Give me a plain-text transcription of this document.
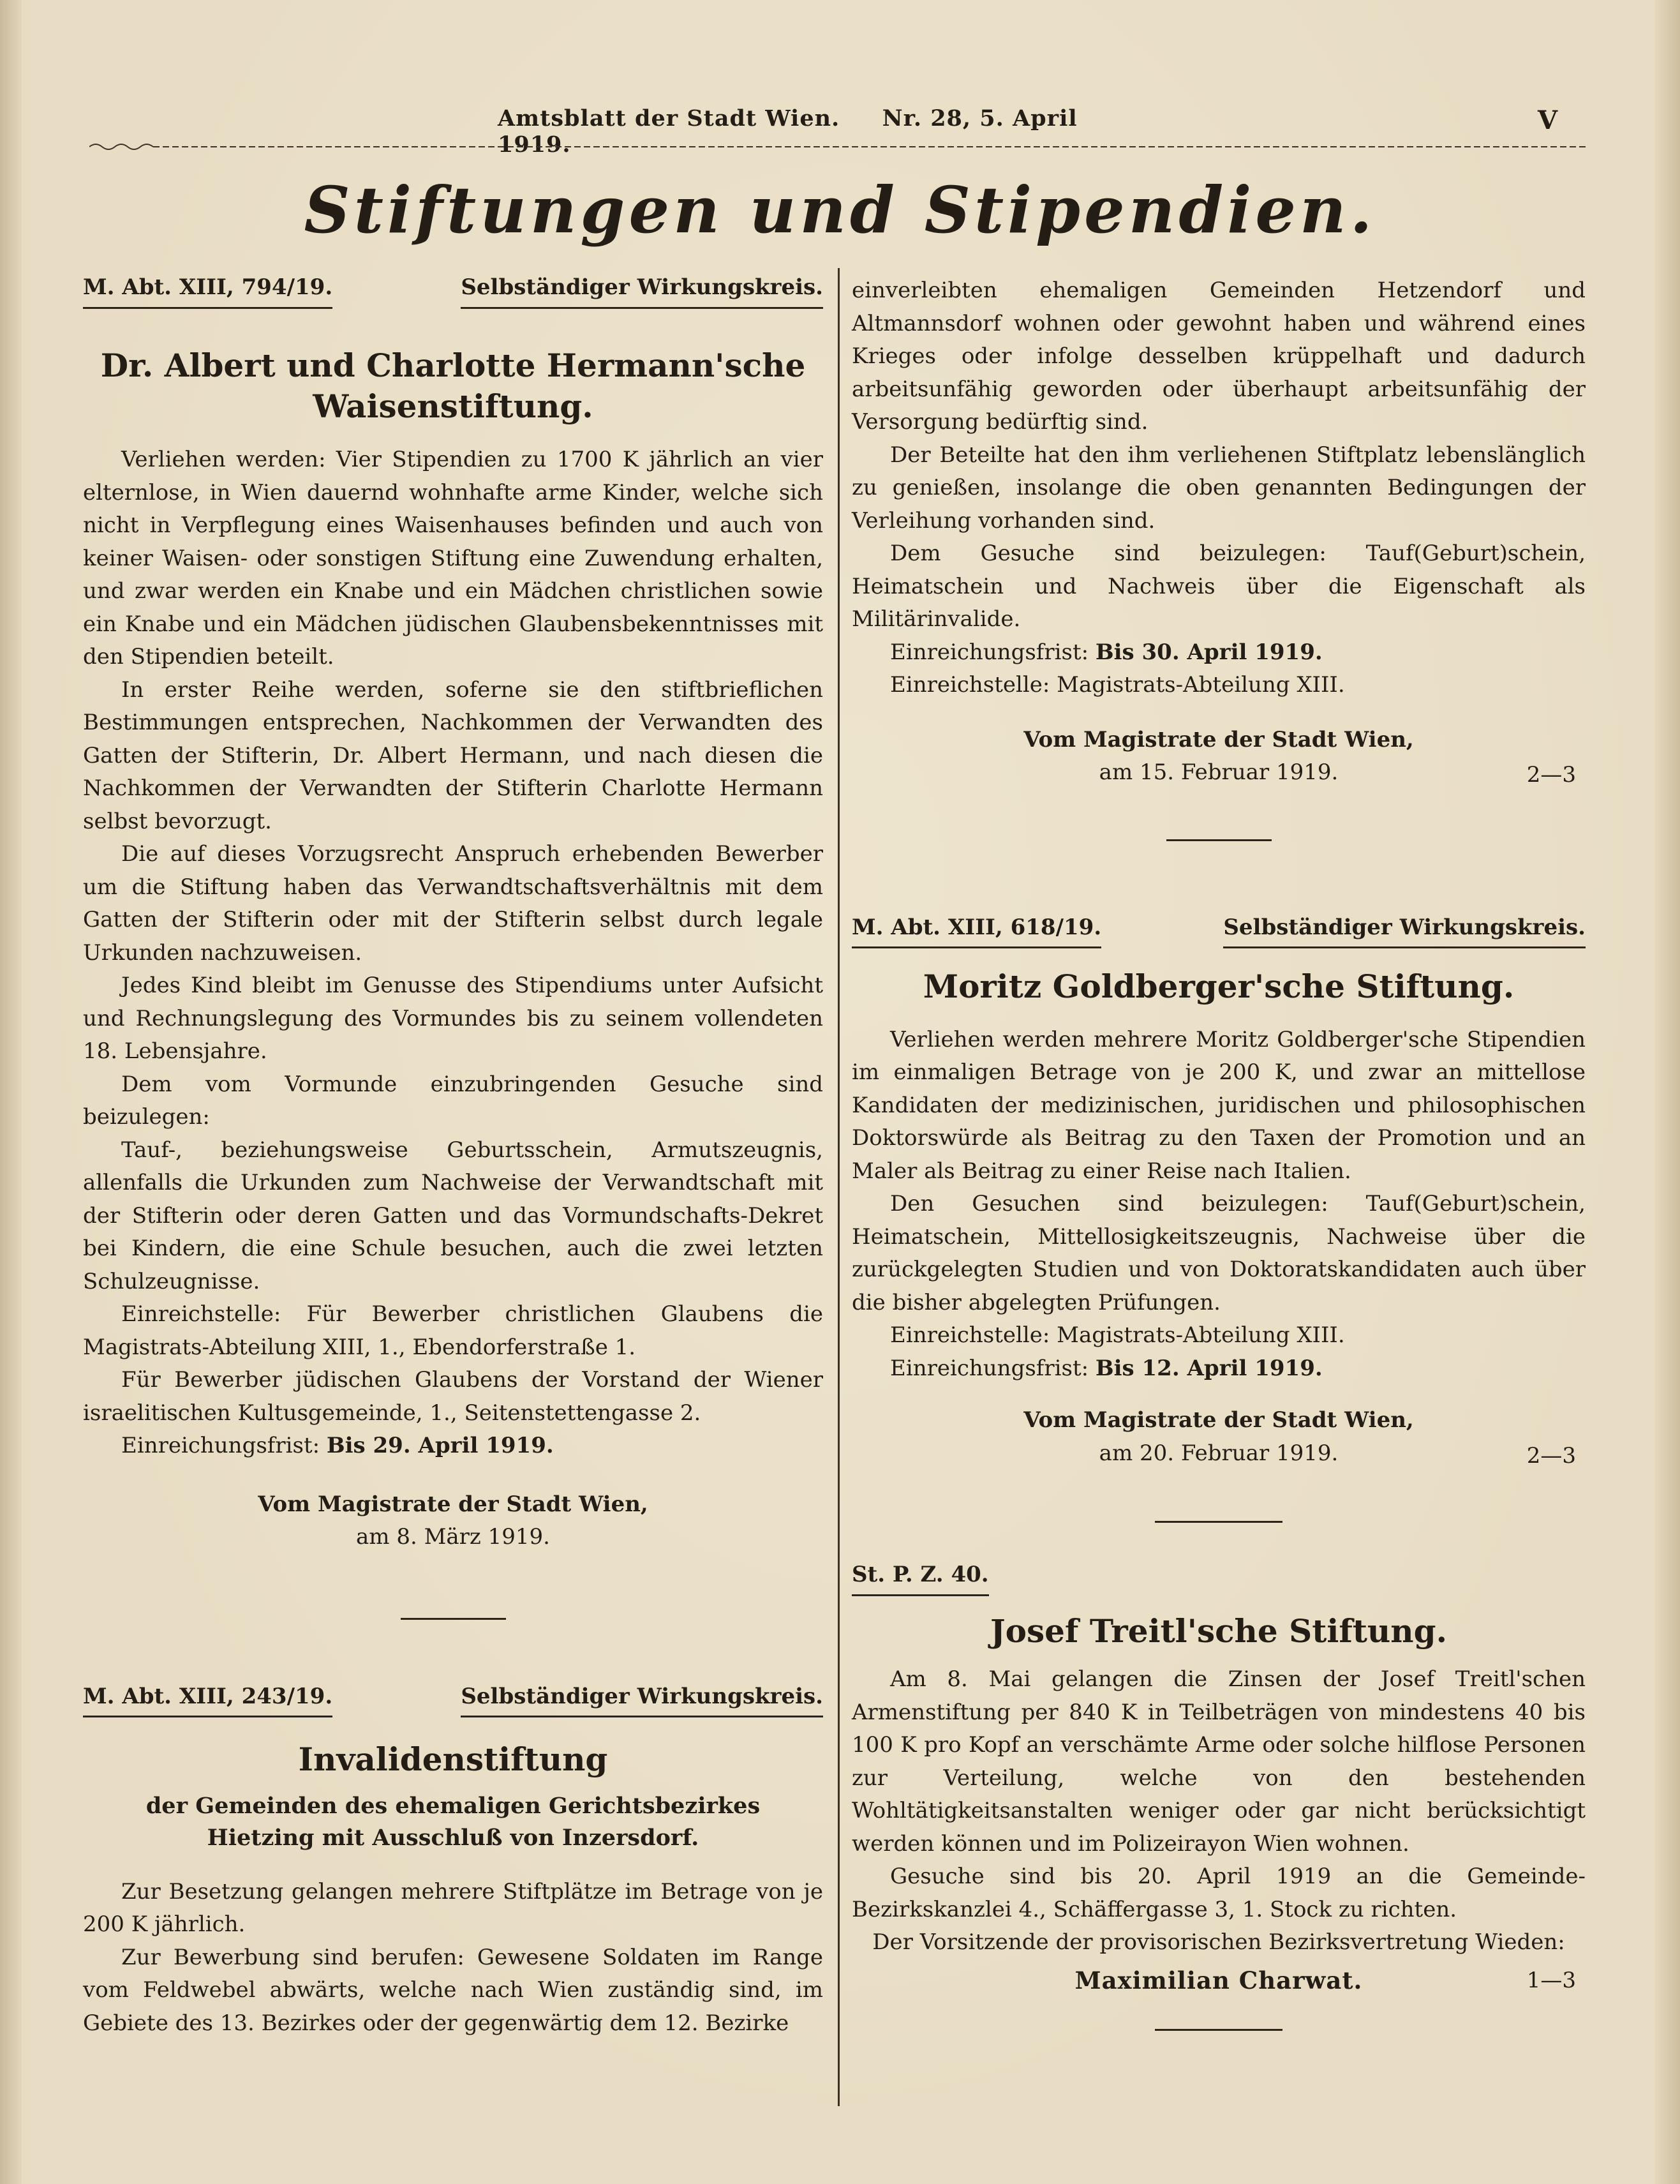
Amtsblatt der Stadt Wien. Nr. 28, 5. April 1919.
V
Stiftungen und Stipendien.
M. Abt. XIII, 794/19.	Selbständiger Wirkungskreis.
Dr. Albert und Charlotte Hermann'sche
Waisenstiftung.

Verliehen werden: Vier Stipendien zu 1700 K jährlich an vier elternlose, in Wien dauernd wohnhafte arme Kinder, welche sich nicht in Verpflegung eines Waisenhauses befinden und auch von keiner Waisen- oder sonstigen Stiftung eine Zuwendung erhalten, und zwar werden ein Knabe und ein Mädchen christlichen sowie ein Knabe und ein Mädchen jüdischen Glaubensbekenntnisses mit den Stipendien beteilt.

In erster Reihe werden, soferne sie den stiftbrieflichen Bestimmungen entsprechen, Nachkommen der Verwandten des Gatten der Stifterin, Dr. Albert Hermann, und nach diesen die Nachkommen der Verwandten der Stifterin Charlotte Hermann selbst bevorzugt.

Die auf dieses Vorzugsrecht Anspruch erhebenden Bewerber um die Stiftung haben das Verwandtschaftsverhältnis mit dem Gatten der Stifterin oder mit der Stifterin selbst durch legale Urkunden nachzuweisen.

Jedes Kind bleibt im Genusse des Stipendiums unter Aufsicht und Rechnungslegung des Vormundes bis zu seinem vollendeten 18. Lebensjahre.

Dem vom Vormunde einzubringenden Gesuche sind beizulegen:

Tauf-, beziehungsweise Geburtsschein, Armutszeugnis, allenfalls die Urkunden zum Nachweise der Verwandtschaft mit der Stifterin oder deren Gatten und das Vormundschafts-Dekret bei Kindern, die eine Schule besuchen, auch die zwei letzten Schulzeugnisse.

Einreichstelle: Für Bewerber christlichen Glaubens die Magistrats-Abteilung XIII, 1., Ebendorferstraße 1.

Für Bewerber jüdischen Glaubens der Vorstand der Wiener israelitischen Kultusgemeinde, 1., Seitenstettengasse 2.

Einreichungsfrist: Bis 29. April 1919.

Vom Magistrate der Stadt Wien,
am 8. März 1919.
M. Abt. XIII, 243/19.	Selbständiger Wirkungskreis.
Invalidenstiftung
der Gemeinden des ehemaligen Gerichtsbezirkes Hietzing mit Ausschluß von Inzersdorf.

Zur Besetzung gelangen mehrere Stiftplätze im Betrage von je 200 K jährlich.

Zur Bewerbung sind berufen: Gewesene Soldaten im Range vom Feldwebel abwärts, welche nach Wien zuständig sind, im Gebiete des 13. Bezirkes oder der gegenwärtig dem 12. Bezirke

einverleibten ehemaligen Gemeinden Hetzendorf und Altmannsdorf wohnen oder gewohnt haben und während eines Krieges oder infolge desselben krüppelhaft und dadurch arbeitsunfähig geworden oder überhaupt arbeitsunfähig der Versorgung bedürftig sind.

Der Beteilte hat den ihm verliehenen Stiftplatz lebenslänglich zu genießen, insolange die oben genannten Bedingungen der Verleihung vorhanden sind.

Dem Gesuche sind beizulegen: Tauf(Geburt)schein, Heimatschein und Nachweis über die Eigenschaft als Militärinvalide.

Einreichungsfrist: Bis 30. April 1919.

Einreichstelle: Magistrats-Abteilung XIII.

Vom Magistrate der Stadt Wien,
am 15. Februar 1919.	2—3
M. Abt. XIII, 618/19.	Selbständiger Wirkungskreis.
Moritz Goldberger'sche Stiftung.

Verliehen werden mehrere Moritz Goldberger'sche Stipendien im einmaligen Betrage von je 200 K, und zwar an mittellose Kandidaten der medizinischen, juridischen und philosophischen Doktorswürde als Beitrag zu den Taxen der Promotion und an Maler als Beitrag zu einer Reise nach Italien.

Den Gesuchen sind beizulegen: Tauf(Geburt)schein, Heimatschein, Mittellosigkeitszeugnis, Nachweise über die zurückgelegten Studien und von Doktoratskandidaten auch über die bisher abgelegten Prüfungen.

Einreichstelle: Magistrats-Abteilung XIII.

Einreichungsfrist: Bis 12. April 1919.

Vom Magistrate der Stadt Wien,
am 20. Februar 1919.	2—3
St. P. Z. 40.
Josef Treitl'sche Stiftung.

Am 8. Mai gelangen die Zinsen der Josef Treitl'schen Armenstiftung per 840 K in Teilbeträgen von mindestens 40 bis 100 K pro Kopf an verschämte Arme oder solche hilflose Personen zur Verteilung, welche von den bestehenden Wohltätigkeitsanstalten weniger oder gar nicht berücksichtigt werden können und im Polizeirayon Wien wohnen.

Gesuche sind bis 20. April 1919 an die Gemeinde-Bezirkskanzlei 4., Schäffergasse 3, 1. Stock zu richten.

Der Vorsitzende der provisorischen Bezirksvertretung Wieden:
Maximilian Charwat.	1—3
